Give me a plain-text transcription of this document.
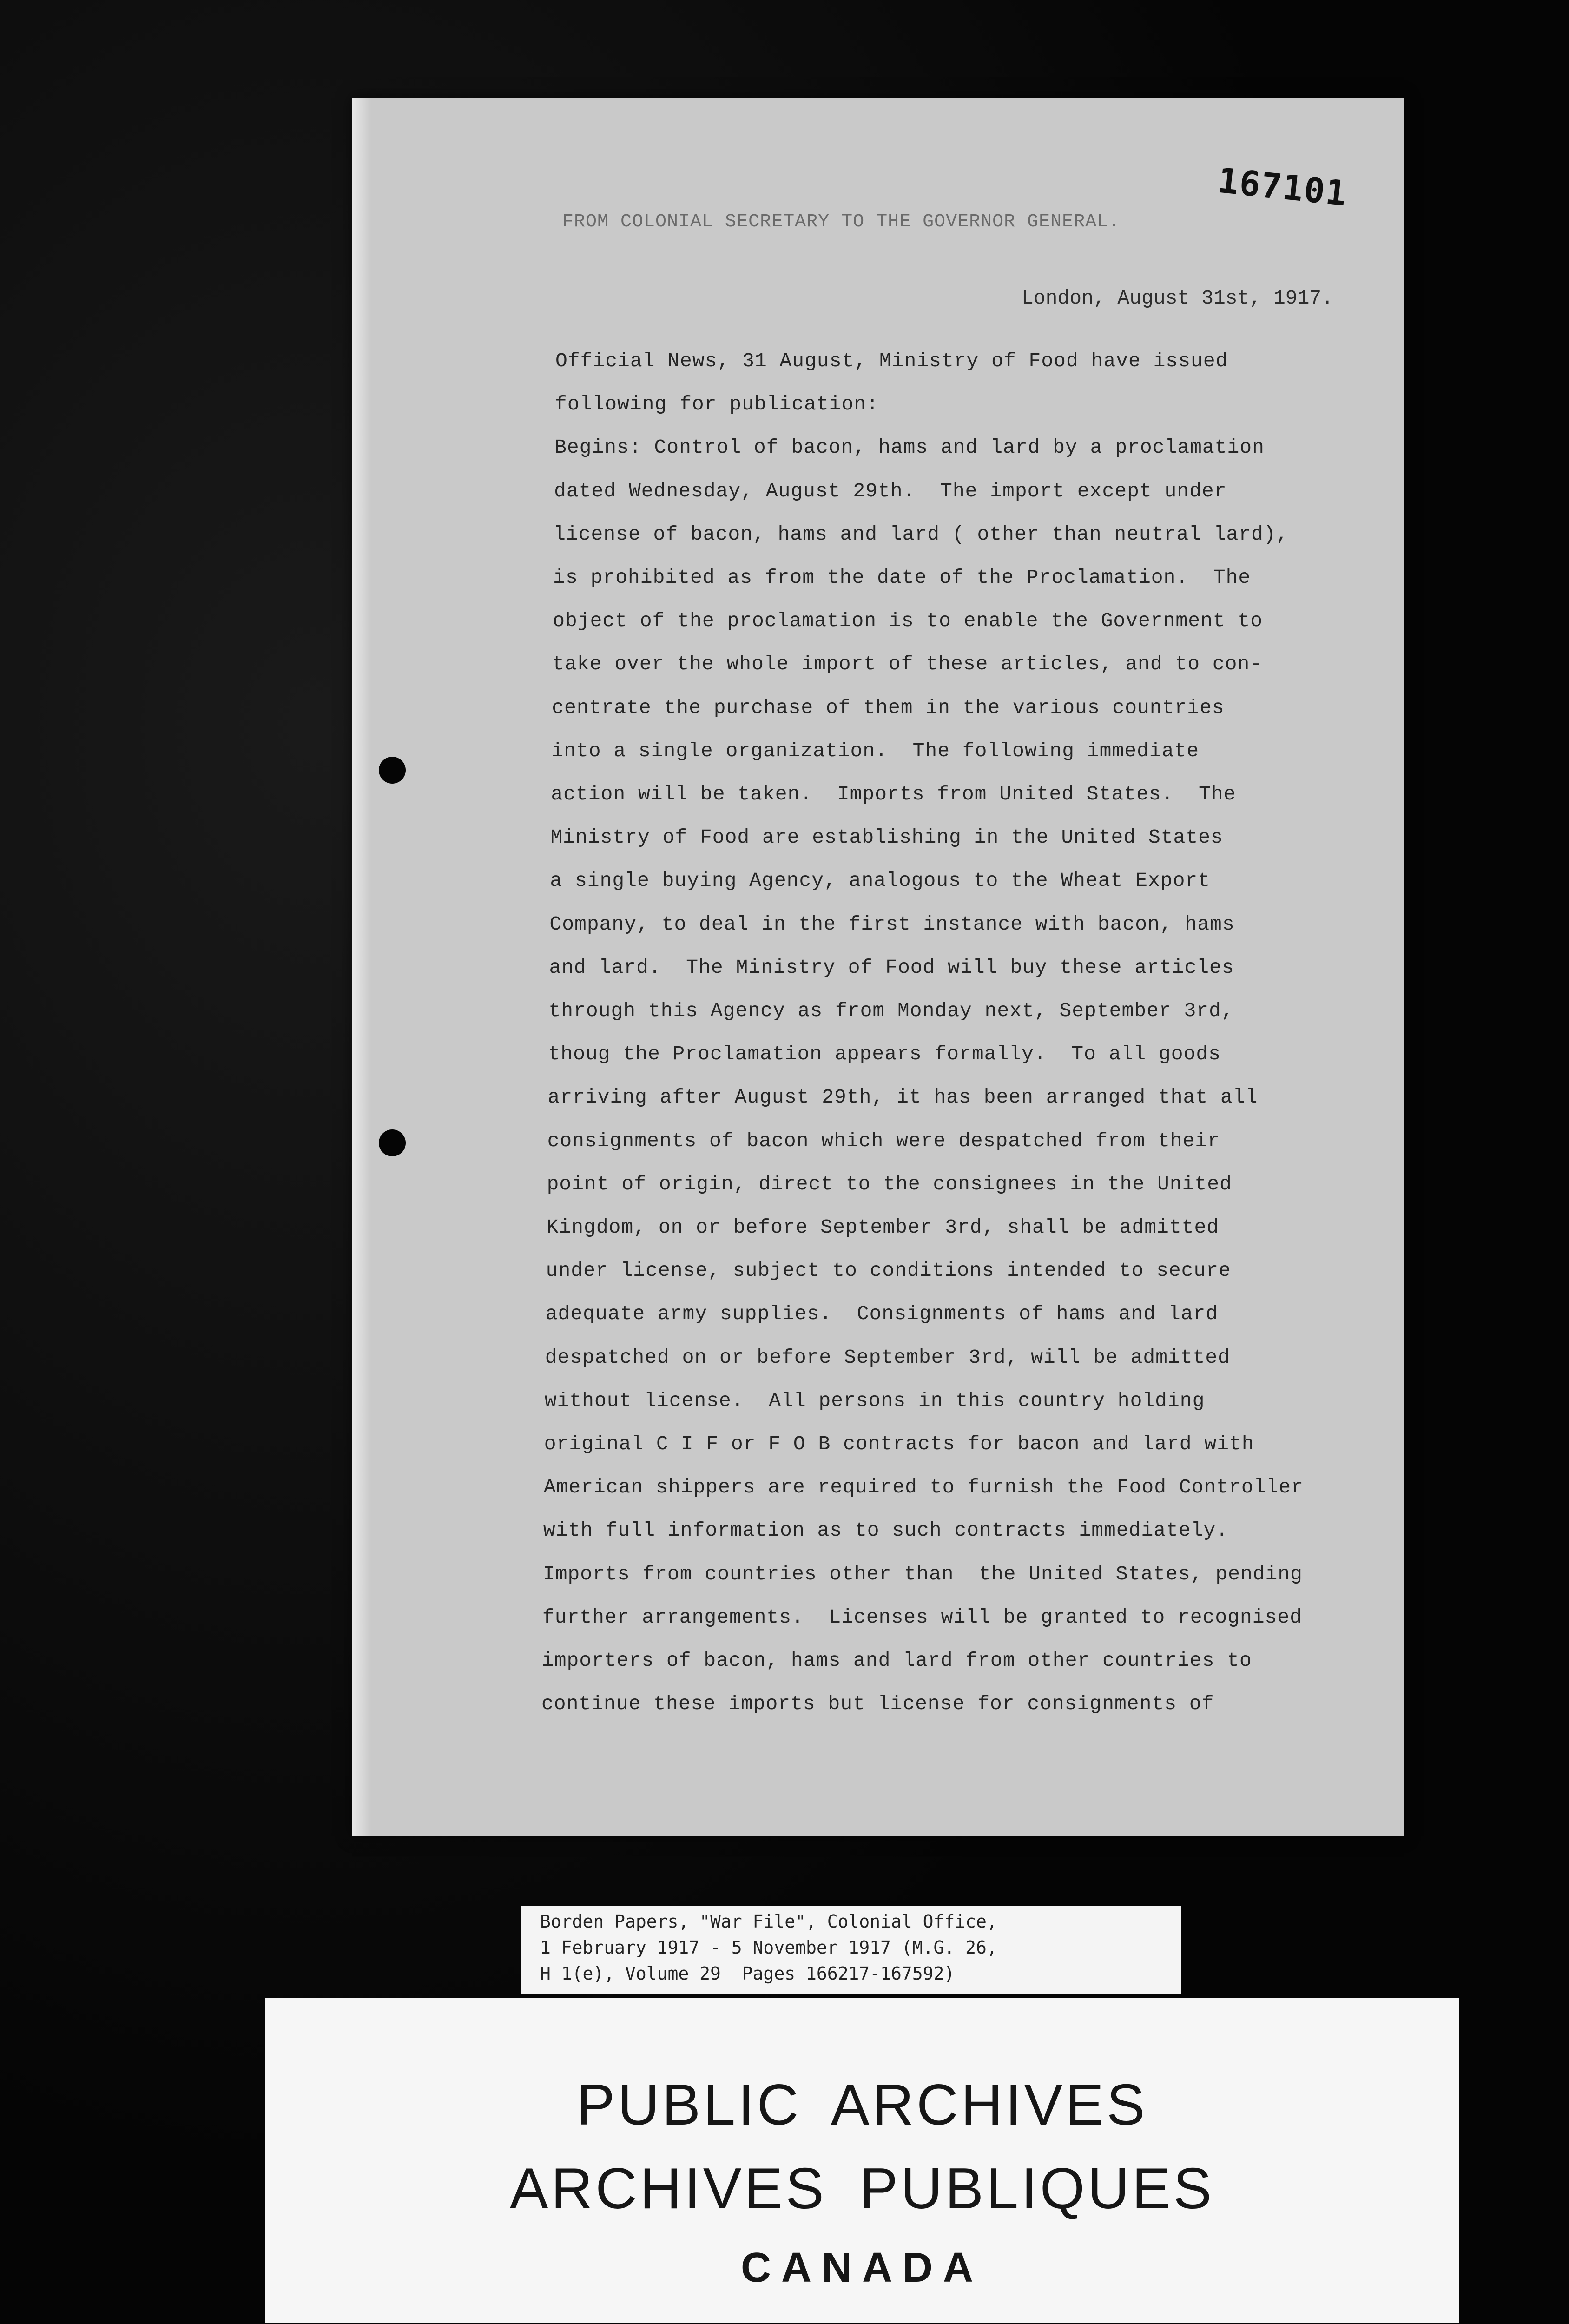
167101
FROM COLONIAL SECRETARY TO THE GOVERNOR GENERAL.
London, August 31st, 1917.
Official News, 31 August, Ministry of Food have issued
following for publication:
Begins: Control of bacon, hams and lard by a proclamation
dated Wednesday, August 29th.  The import except under
license of bacon, hams and lard ( other than neutral lard),
is prohibited as from the date of the Proclamation.  The
object of the proclamation is to enable the Government to
take over the whole import of these articles, and to con-
centrate the purchase of them in the various countries
into a single organization.  The following immediate
action will be taken.  Imports from United States.  The
Ministry of Food are establishing in the United States
a single buying Agency, analogous to the Wheat Export
Company, to deal in the first instance with bacon, hams
and lard.  The Ministry of Food will buy these articles
through this Agency as from Monday next, September 3rd,
thoug the Proclamation appears formally.  To all goods
arriving after August 29th, it has been arranged that all
consignments of bacon which were despatched from their
point of origin, direct to the consignees in the United
Kingdom, on or before September 3rd, shall be admitted
under license, subject to conditions intended to secure
adequate army supplies.  Consignments of hams and lard
despatched on or before September 3rd, will be admitted
without license.  All persons in this country holding
original C I F or F O B contracts for bacon and lard with
American shippers are required to furnish the Food Controller
with full information as to such contracts immediately.
Imports from countries other than  the United States, pending
further arrangements.  Licenses will be granted to recognised
importers of bacon, hams and lard from other countries to
continue these imports but license for consignments of
Borden Papers, "War File", Colonial Office,
1 February 1917 - 5 November 1917 (M.G. 26,
H 1(e), Volume 29  Pages 166217-167592)
PUBLIC ARCHIVES
ARCHIVES PUBLIQUES
CANADA
